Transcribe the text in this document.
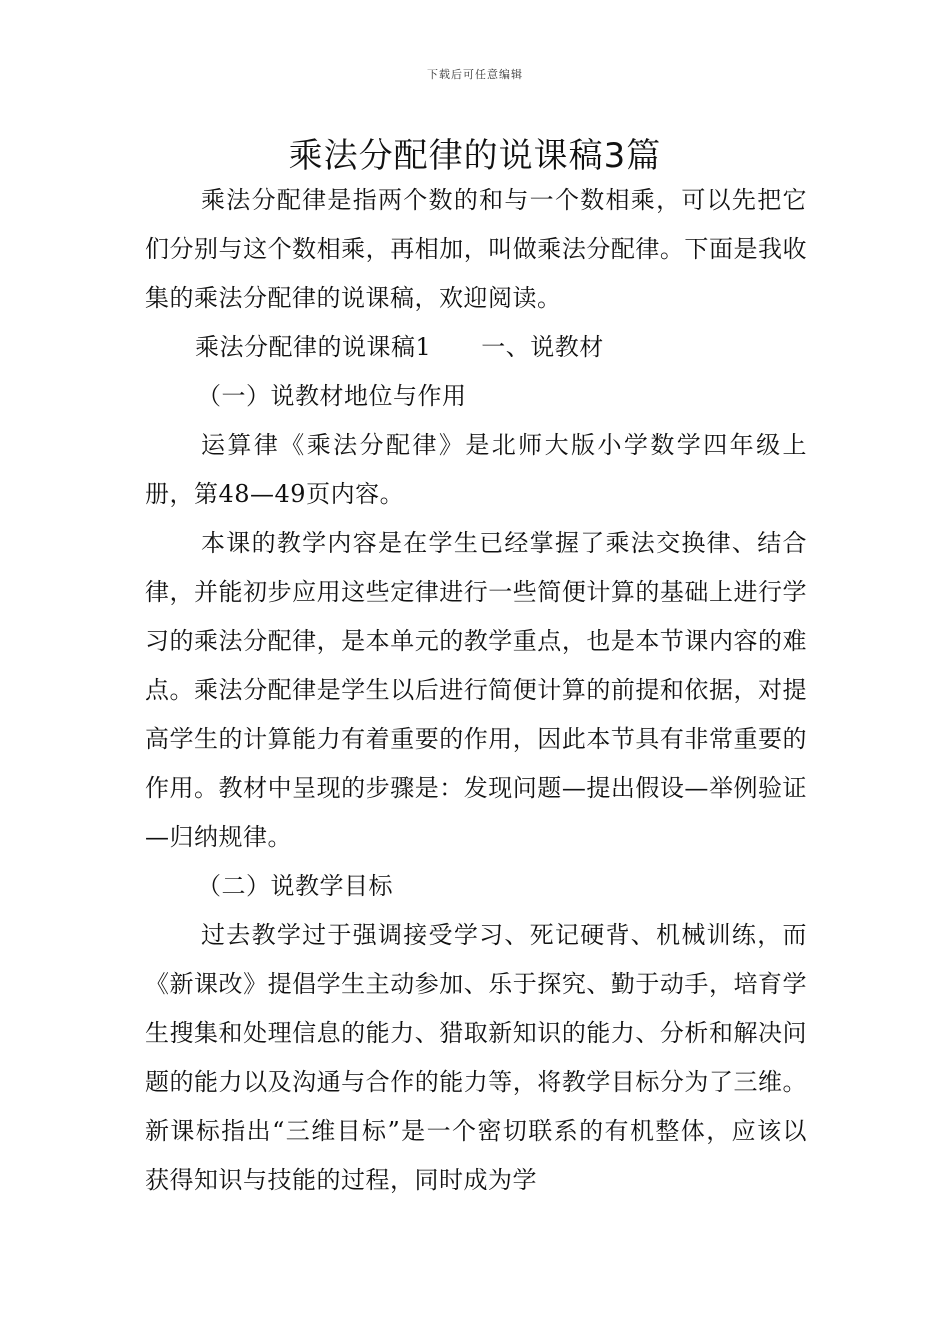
下载后可任意编辑
乘法分配律的说课稿3篇

乘法分配律是指两个数的和与一个数相乘，可以先把它们分别与这个数相乘，再相加，叫做乘法分配律。下面是我收集的乘法分配律的说课稿，欢迎阅读。

乘法分配律的说课稿1 一、说教材

（一）说教材地位与作用

运算律《乘法分配律》是北师大版小学数学四年级上册，第48—49页内容。

本课的教学内容是在学生已经掌握了乘法交换律、结合律，并能初步应用这些定律进行一些简便计算的基础上进行学习的乘法分配律，是本单元的教学重点，也是本节课内容的难点。乘法分配律是学生以后进行简便计算的前提和依据，对提高学生的计算能力有着重要的作用，因此本节具有非常重要的作用。教材中呈现的步骤是：发现问题—提出假设—举例验证—归纳规律。

（二）说教学目标

过去教学过于强调接受学习、死记硬背、机械训练，而《新课改》提倡学生主动参加、乐于探究、勤于动手，培育学生搜集和处理信息的能力、猎取新知识的能力、分析和解决问题的能力以及沟通与合作的能力等，将教学目标分为了三维。新课标指出“三维目标”是一个密切联系的有机整体，应该以获得知识与技能的过程，同时成为学
